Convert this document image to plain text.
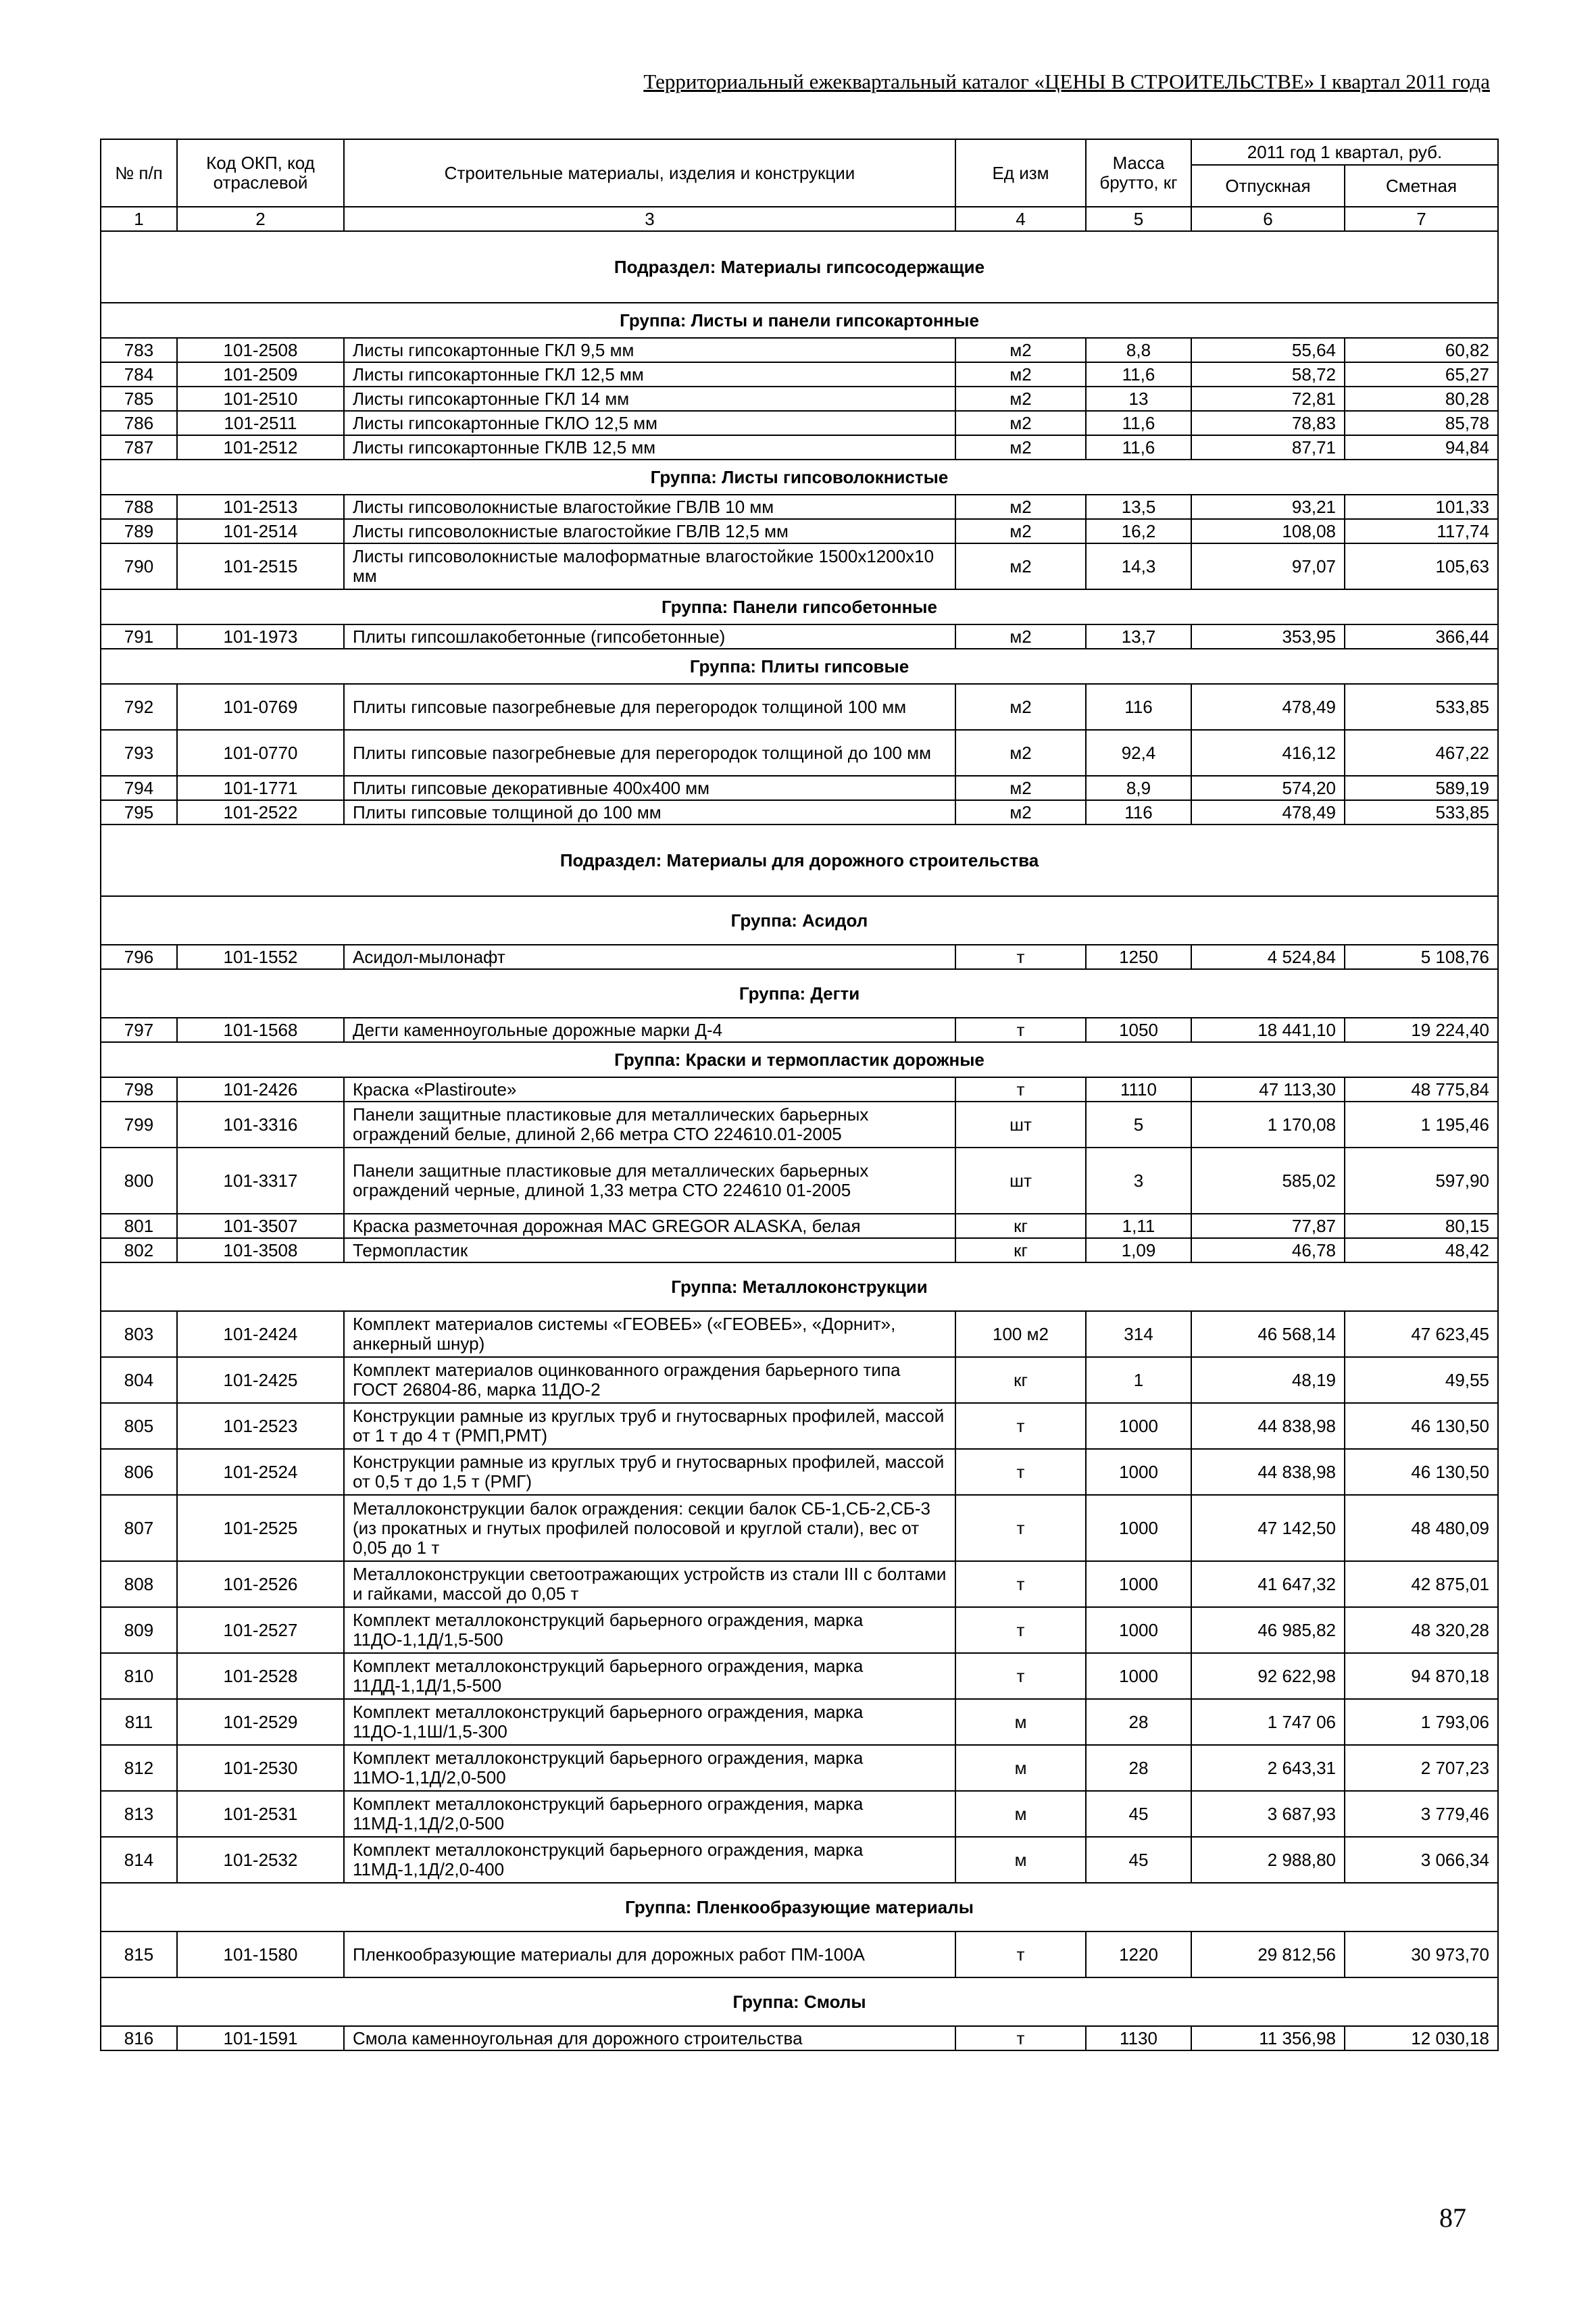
Территориальный ежеквартальный каталог «ЦЕНЫ В СТРОИТЕЛЬСТВЕ» I квартал 2011 года
№ п/п	Код ОКП, код отраслевой	Строительные материалы, изделия и конструкции	Ед изм	Масса брутто, кг	2011 год 1 квартал, руб.	
					Отпускная	Сметная
1	2	3	4	5	6	7
Подраздел: Материалы гипсосодержащие						
Группа: Листы и панели гипсокартонные						
783	101-2508	Листы гипсокартонные ГКЛ 9,5 мм	м2	8,8	55,64	60,82
784	101-2509	Листы гипсокартонные ГКЛ 12,5 мм	м2	11,6	58,72	65,27
785	101-2510	Листы гипсокартонные ГКЛ 14 мм	м2	13	72,81	80,28
786	101-2511	Листы гипсокартонные ГКЛО 12,5 мм	м2	11,6	78,83	85,78
787	101-2512	Листы гипсокартонные ГКЛВ 12,5 мм	м2	11,6	87,71	94,84
Группа: Листы гипсоволокнистые						
788	101-2513	Листы гипсоволокнистые влагостойкие ГВЛВ 10 мм	м2	13,5	93,21	101,33
789	101-2514	Листы гипсоволокнистые влагостойкие ГВЛВ 12,5 мм	м2	16,2	108,08	117,74
790	101-2515	Листы гипсоволокнистые малоформатные влагостойкие 1500х1200х10 мм	м2	14,3	97,07	105,63
Группа: Панели гипсобетонные						
791	101-1973	Плиты гипсошлакобетонные (гипсобетонные)	м2	13,7	353,95	366,44
Группа: Плиты гипсовые						
792	101-0769	Плиты гипсовые пазогребневые для перегородок толщиной 100 мм	м2	116	478,49	533,85
793	101-0770	Плиты гипсовые пазогребневые для перегородок толщиной до 100 мм	м2	92,4	416,12	467,22
794	101-1771	Плиты гипсовые декоративные 400х400 мм	м2	8,9	574,20	589,19
795	101-2522	Плиты гипсовые толщиной до 100 мм	м2	116	478,49	533,85
Подраздел: Материалы для дорожного строительства						
Группа: Асидол						
796	101-1552	Асидол-мылонафт	т	1250	4 524,84	5 108,76
Группа: Дегти						
797	101-1568	Дегти каменноугольные дорожные марки Д-4	т	1050	18 441,10	19 224,40
Группа: Краски и термопластик дорожные						
798	101-2426	Краска «Plastiroute»	т	1110	47 113,30	48 775,84
799	101-3316	Панели защитные пластиковые для металлических барьерных ограждений белые, длиной 2,66 метра СТО 224610.01-2005	шт	5	1 170,08	1 195,46
800	101-3317	Панели защитные пластиковые для металлических барьерных ограждений черные, длиной 1,33 метра СТО 224610 01-2005	шт	3	585,02	597,90
801	101-3507	Краска разметочная дорожная MAC GREGOR ALASKA, белая	кг	1,11	77,87	80,15
802	101-3508	Термопластик	кг	1,09	46,78	48,42
Группа: Металлоконструкции						
803	101-2424	Комплект материалов системы «ГЕОВЕБ» («ГЕОВЕБ», «Дорнит», анкерный шнур)	100 м2	314	46 568,14	47 623,45
804	101-2425	Комплект материалов оцинкованного ограждения барьерного типа ГОСТ 26804-86, марка 11ДО-2	кг	1	48,19	49,55
805	101-2523	Конструкции рамные из круглых труб и гнутосварных профилей, массой от 1 т до 4 т (РМП,РМТ)	т	1000	44 838,98	46 130,50
806	101-2524	Конструкции рамные из круглых труб и гнутосварных профилей, массой от 0,5 т до 1,5 т (РМГ)	т	1000	44 838,98	46 130,50
807	101-2525	Металлоконструкции балок ограждения: секции балок СБ-1,СБ-2,СБ-3 (из прокатных и гнутых профилей полосовой и круглой стали), вес от 0,05 до 1 т	т	1000	47 142,50	48 480,09
808	101-2526	Металлоконструкции светоотражающих устройств из стали III с болтами и гайками, массой до 0,05 т	т	1000	41 647,32	42 875,01
809	101-2527	Комплект металлоконструкций барьерного ограждения, марка 11ДО-1,1Д/1,5-500	т	1000	46 985,82	48 320,28
810	101-2528	Комплект металлоконструкций барьерного ограждения, марка 11ДД-1,1Д/1,5-500	т	1000	92 622,98	94 870,18
811	101-2529	Комплект металлоконструкций барьерного ограждения, марка 11ДО-1,1Ш/1,5-300	м	28	1 747 06	1 793,06
812	101-2530	Комплект металлоконструкций барьерного ограждения, марка 11МО-1,1Д/2,0-500	м	28	2 643,31	2 707,23
813	101-2531	Комплект металлоконструкций барьерного ограждения, марка 11МД-1,1Д/2,0-500	м	45	3 687,93	3 779,46
814	101-2532	Комплект металлоконструкций барьерного ограждения, марка 11МД-1,1Д/2,0-400	м	45	2 988,80	3 066,34
Группа: Пленкообразующие материалы						
815	101-1580	Пленкообразующие материалы для дорожных работ ПМ-100А	т	1220	29 812,56	30 973,70
Группа: Смолы						
816	101-1591	Смола каменноугольная для дорожного строительства	т	1130	11 356,98	12 030,18
87
